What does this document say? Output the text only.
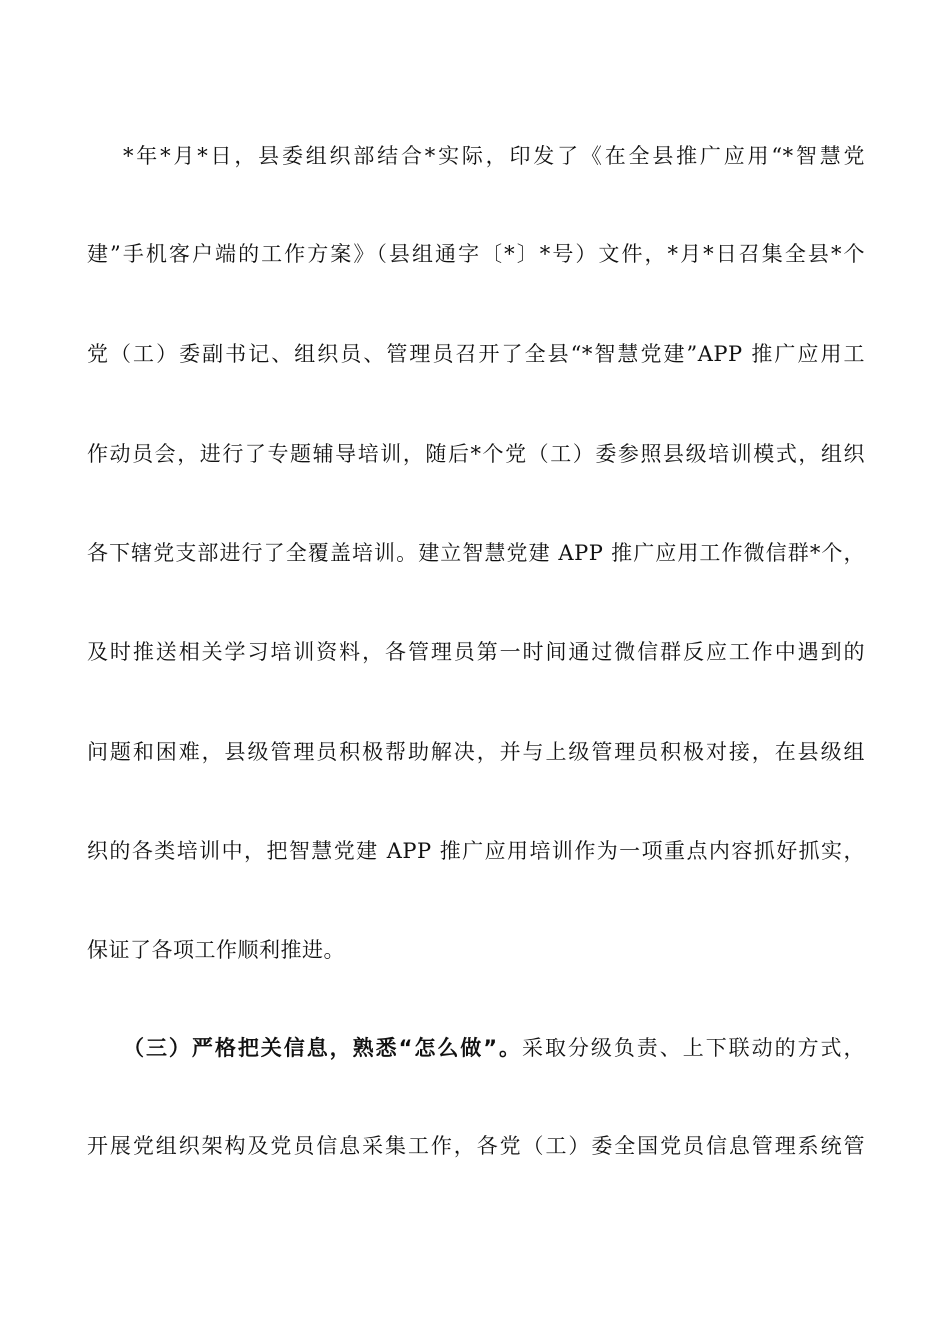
*年*月*日，县委组织部结合*实际，印发了《在全县推广应用“*智慧党
建”手机客户端的工作方案》（县组通字〔*〕*号）文件，*月*日召集全县*个
党（工）委副书记、组织员、管理员召开了全县“*智慧党建”APP 推广应用工
作动员会，进行了专题辅导培训，随后*个党（工）委参照县级培训模式，组织
各下辖党支部进行了全覆盖培训。建立智慧党建 APP 推广应用工作微信群*个，
及时推送相关学习培训资料，各管理员第一时间通过微信群反应工作中遇到的
问题和困难，县级管理员积极帮助解决，并与上级管理员积极对接，在县级组
织的各类培训中，把智慧党建 APP 推广应用培训作为一项重点内容抓好抓实，
保证了各项工作顺利推进。
（三）严格把关信息，熟悉“怎么做”。采取分级负责、上下联动的方式，
开展党组织架构及党员信息采集工作，各党（工）委全国党员信息管理系统管
